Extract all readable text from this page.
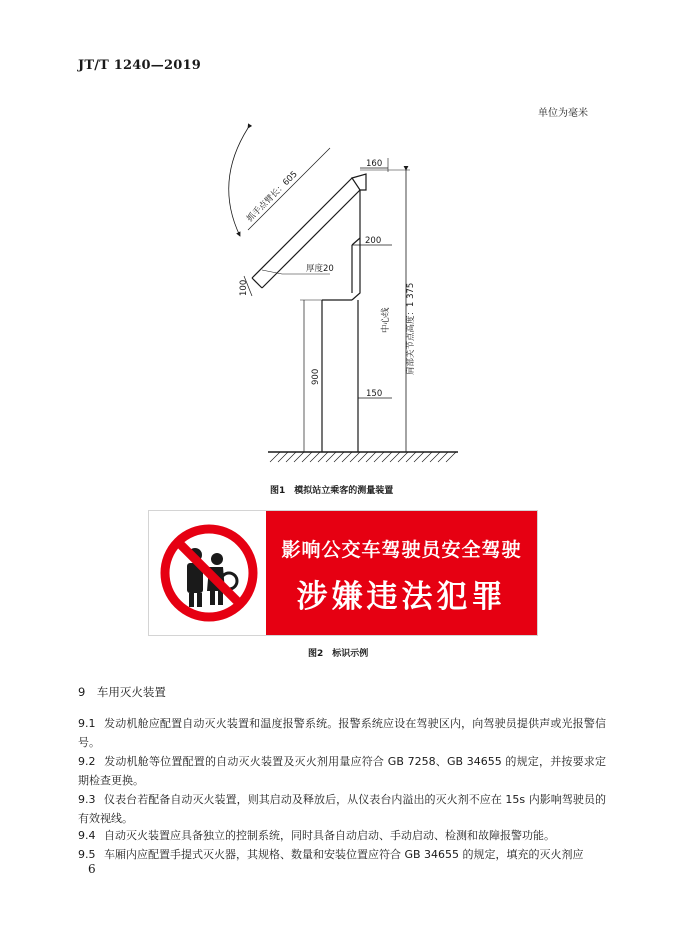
JT/T 1240—2019
单位为毫米
160
200
150
900
肩部关节点高度：1 375
中心线
抓手点臂长：605
厚度20
100
图1　模拟站立乘客的测量装置
影响公交车驾驶员安全驾驶
涉嫌违法犯罪
图2　标识示例
9　车用灭火装置
9.1 发动机舱应配置自动灭火装置和温度报警系统。报警系统应设在驾驶区内，向驾驶员提供声或光报警信号。
9.2 发动机舱等位置配置的自动灭火装置及灭火剂用量应符合 GB 7258、GB 34655 的规定，并按要求定期检查更换。
9.3 仪表台若配备自动灭火装置，则其启动及释放后，从仪表台内溢出的灭火剂不应在 15s 内影响驾驶员的有效视线。
9.4 自动灭火装置应具备独立的控制系统，同时具备自动启动、手动启动、检测和故障报警功能。
9.5 车厢内应配置手提式灭火器，其规格、数量和安装位置应符合 GB 34655 的规定，填充的灭火剂应
6
